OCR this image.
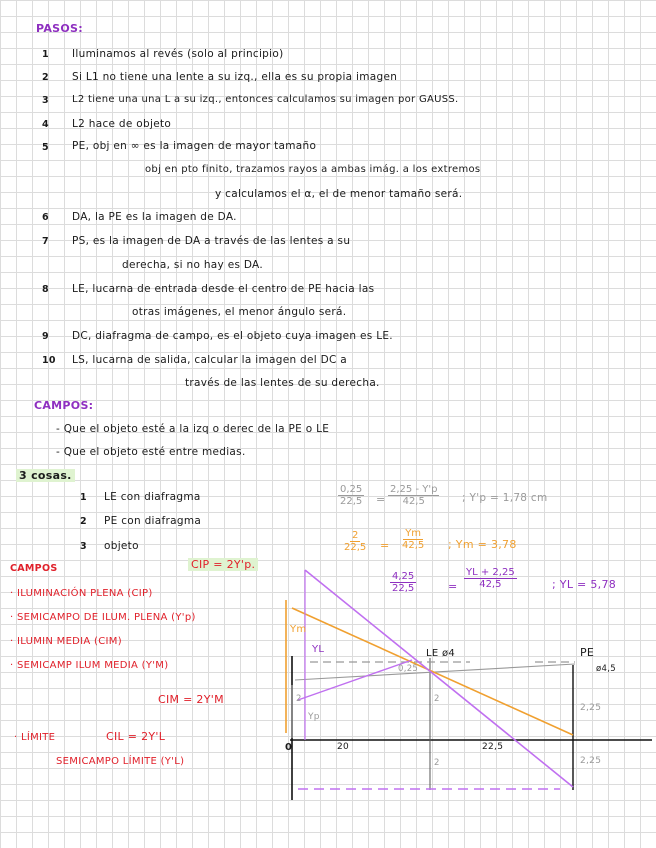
PASOS:
1 Iluminamos al revés (solo al principio)
2 Si L1 no tiene una lente a su izq., ella es su propia imagen
3 L2 tiene una una L a su izq., entonces calculamos su imagen por GAUSS.
4 L2 hace de objeto
5 PE, obj en ∞ es la imagen de mayor tamaño
obj en pto finito, trazamos rayos a ambas imág. a los extremos
y calculamos el α, el de menor tamaño será.
6 DA, la PE es la imagen de DA.
7 PS, es la imagen de DA a través de las lentes a su
derecha, si no hay es DA.
8 LE, lucarna de entrada desde el centro de PE hacia las
otras imágenes, el menor ángulo será.
9 DC, diafragma de campo, es el objeto cuya imagen es LE.
10 LS, lucarna de salida, calcular la imagen del DC a
través de las lentes de su derecha.
CAMPOS:
- Que el objeto esté a la izq o derec de la PE o LE
- Que el objeto esté entre medias.
3 cosas.
1 LE con diafragma
2 PE con diafragma
3 objeto
CAMPOS	CIP = 2Y'p.
· ILUMINACIÓN PLENA (CIP)
· SEMICAMPO DE ILUM. PLENA (Y'p)
· ILUMIN MEDIA (CIM)
· SEMICAMP ILUM MEDIA (Y'M)
CIM = 2Y'M
· LÍMITE	CIL = 2Y'L
SEMICAMPO LÍMITE (Y'L)
$\frac{0,25}{22,5} = \frac{2,25 - Y'p}{42,5}$ ; Y'p = 1,78 cm
$\frac{2}{22,5} = \frac{Ym}{42,5}$ ; Ym = 3,78
$\frac{4,25}{22,5}$	= $\frac{YL + 2,25}{42,5}$	; YL = 5,78
Ym
YL
Yp
LE ø4	PE
ø4,5
0,25
2	2
2
2,25
2,25
0	20	22,5
